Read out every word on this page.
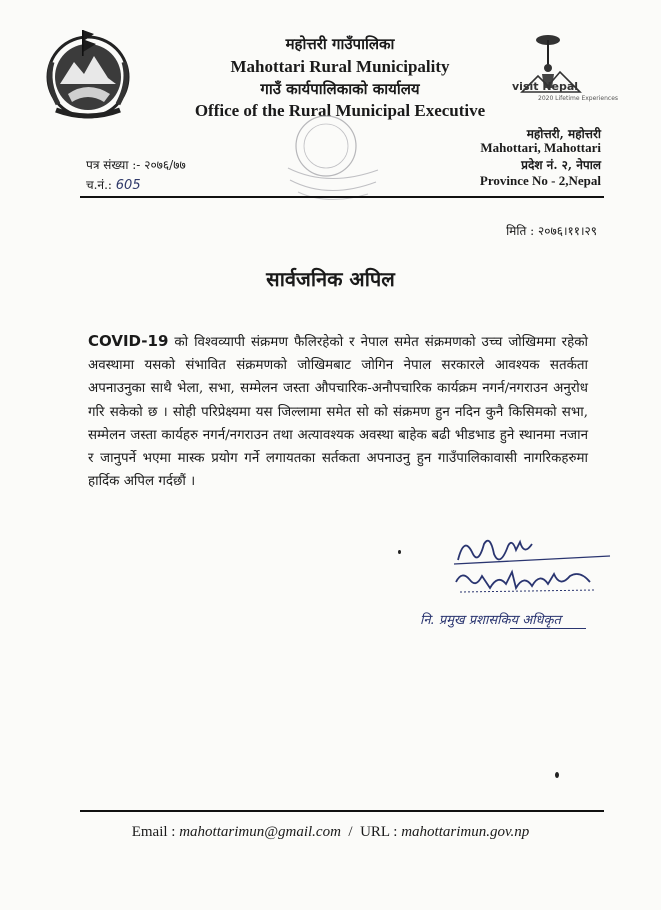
visit Nepal
2020 Lifetime Experiences
महोत्तरी गाउँपालिका
Mahottari Rural Municipality
गाउँ कार्यपालिकाको कार्यालय
Office of the Rural Municipal Executive
महोत्तरी, महोत्तरी
Mahottari, Mahottari
प्रदेश नं. २, नेपाल
Province No - 2,Nepal
पत्र संख्या :- २०७६/७७
च.नं.: 605
मिति : २०७६।११।२९
सार्वजनिक अपिल
COVID-19 को विश्वव्यापी संक्रमण फैलिरहेको र नेपाल समेत संक्रमणको उच्च जोखिममा रहेको अवस्थामा यसको संभावित संक्रमणको जोखिमबाट जोगिन नेपाल सरकारले आवश्यक सतर्कता अपनाउनुका साथै भेला, सभा, सम्मेलन जस्ता औपचारिक-अनौपचारिक कार्यक्रम नगर्न/नगराउन अनुरोध गरि सकेको छ । सोही परिप्रेक्ष्यमा यस जिल्लामा समेत सो को संक्रमण हुन नदिन कुनै किसिमको सभा, सम्मेलन जस्ता कार्यहरु नगर्न/नगराउन तथा अत्यावश्यक अवस्था बाहेक बढी भीडभाड हुने स्थानमा नजान र जानुपर्ने भएमा मास्क प्रयोग गर्ने लगायतका सर्तकता अपनाउनु हुन गाउँपालिकावासी नागरिकहरुमा हार्दिक अपिल गर्दछौं ।
नि. प्रमुख प्रशासकिय अधिकृत
Email : mahottarimun@gmail.com / URL : mahottarimun.gov.np
